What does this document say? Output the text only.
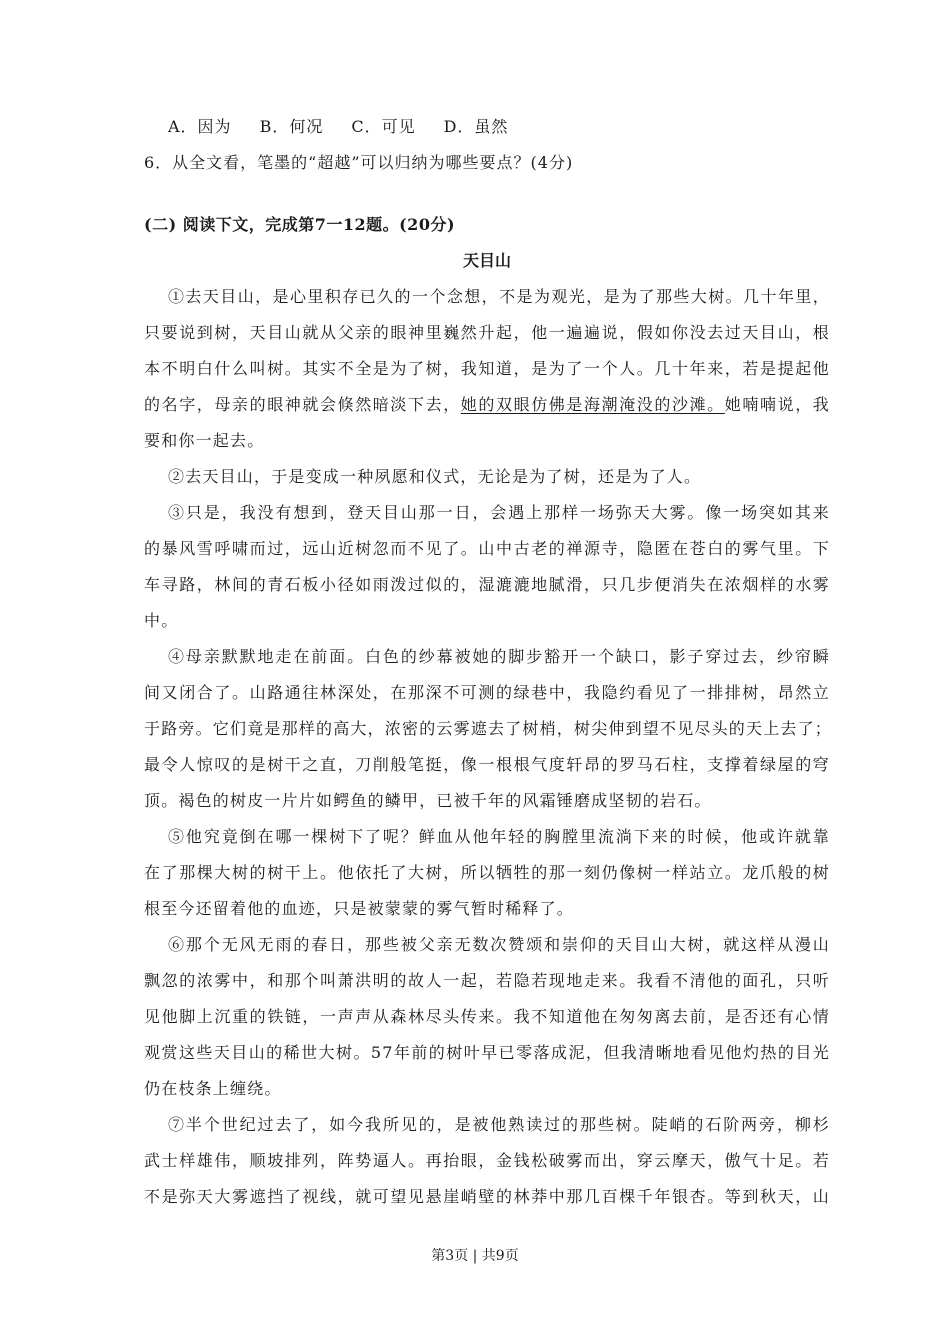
A．因为 B．何况 C．可见 D．虽然
6．从全文看，笔墨的“超越”可以归纳为哪些要点？(4分)
(二) 阅读下文，完成第7一12题。(20分)
天目山
①去天目山，是心里积存已久的一个念想，不是为观光，是为了那些大树。几十年里，
只要说到树，天目山就从父亲的眼神里巍然升起，他一遍遍说，假如你没去过天目山，根
本不明白什么叫树。其实不全是为了树，我知道，是为了一个人。几十年来，若是提起他
的名字，母亲的眼神就会倏然暗淡下去，她的双眼仿佛是海潮淹没的沙滩。她喃喃说，我
要和你一起去。
②去天目山，于是变成一种夙愿和仪式，无论是为了树，还是为了人。
③只是，我没有想到，登天目山那一日，会遇上那样一场弥天大雾。像一场突如其来
的暴风雪呼啸而过，远山近树忽而不见了。山中古老的禅源寺，隐匿在苍白的雾气里。下
车寻路，林间的青石板小径如雨泼过似的，湿漉漉地腻滑，只几步便消失在浓烟样的水雾
中。
④母亲默默地走在前面。白色的纱幕被她的脚步豁开一个缺口，影子穿过去，纱帘瞬
间又闭合了。山路通往林深处，在那深不可测的绿巷中，我隐约看见了一排排树，昂然立
于路旁。它们竟是那样的高大，浓密的云雾遮去了树梢，树尖伸到望不见尽头的天上去了；
最令人惊叹的是树干之直，刀削般笔挺，像一根根气度轩昂的罗马石柱，支撑着绿屋的穹
顶。褐色的树皮一片片如鳄鱼的鳞甲，已被千年的风霜锤磨成坚韧的岩石。
⑤他究竟倒在哪一棵树下了呢？鲜血从他年轻的胸膛里流淌下来的时候，他或许就靠
在了那棵大树的树干上。他依托了大树，所以牺牲的那一刻仍像树一样站立。龙爪般的树
根至今还留着他的血迹，只是被蒙蒙的雾气暂时稀释了。
⑥那个无风无雨的春日，那些被父亲无数次赞颂和崇仰的天目山大树，就这样从漫山
飘忽的浓雾中，和那个叫萧洪明的故人一起，若隐若现地走来。我看不清他的面孔，只听
见他脚上沉重的铁链，一声声从森林尽头传来。我不知道他在匆匆离去前，是否还有心情
观赏这些天目山的稀世大树。57年前的树叶早已零落成泥，但我清晰地看见他灼热的目光
仍在枝条上缠绕。
⑦半个世纪过去了，如今我所见的，是被他熟读过的那些树。陡峭的石阶两旁，柳杉
武士样雄伟，顺坡排列，阵势逼人。再抬眼，金钱松破雾而出，穿云摩天，傲气十足。若
不是弥天大雾遮挡了视线，就可望见悬崖峭壁的林莽中那几百棵千年银杏。等到秋天，山
第3页 | 共9页
